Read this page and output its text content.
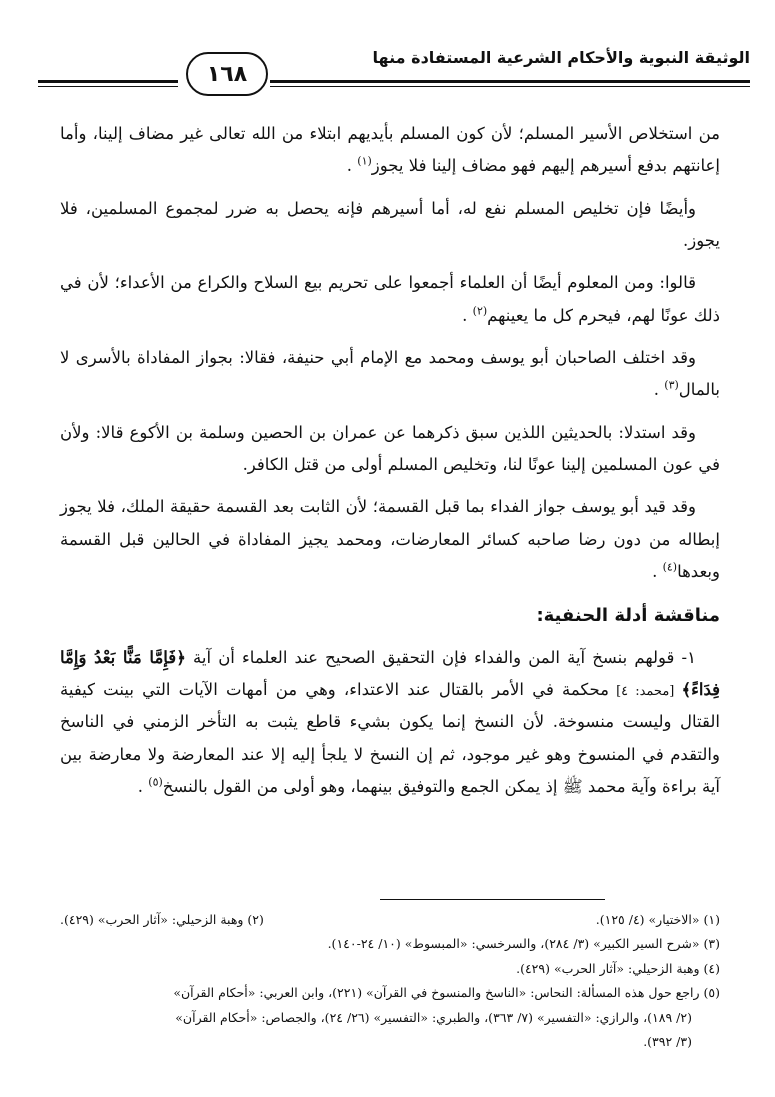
الوثيقة النبوية والأحكام الشرعية المستفادة منها
١٦٨

من استخلاص الأسير المسلم؛ لأن كون المسلم بأيديهم ابتلاء من الله تعالى غير مضاف إلينا، وأما إعانتهم بدفع أسيرهم إليهم فهو مضاف إلينا فلا يجوز$^{(١)}$ .

وأيضًا فإن تخليص المسلم نفع له، أما أسيرهم فإنه يحصل به ضرر لمجموع المسلمين، فلا يجوز.

قالوا: ومن المعلوم أيضًا أن العلماء أجمعوا على تحريم بيع السلاح والكراع من الأعداء؛ لأن في ذلك عونًا لهم، فيحرم كل ما يعينهم$^{(٢)}$ .

وقد اختلف الصاحبان أبو يوسف ومحمد مع الإمام أبي حنيفة، فقالا: بجواز المفاداة بالأسرى لا بالمال$^{(٣)}$ .

وقد استدلا: بالحديثين اللذين سبق ذكرهما عن عمران بن الحصين وسلمة بن الأكوع قالا: ولأن في عون المسلمين إلينا عونًا لنا، وتخليص المسلم أولى من قتل الكافر.

وقد قيد أبو يوسف جواز الفداء بما قبل القسمة؛ لأن الثابت بعد القسمة حقيقة الملك، فلا يجوز إبطاله من دون رضا صاحبه كسائر المعارضات، ومحمد يجيز المفاداة في الحالين قبل القسمة وبعدها$^{(٤)}$ .

مناقشة أدلة الحنفية:

١- قولهم بنسخ آية المن والفداء فإن التحقيق الصحيح عند العلماء أن آية ﴿فَإِمَّا مَنًّا بَعْدُ وَإِمَّا فِدَاءً﴾ [محمد: ٤] محكمة في الأمر بالقتال عند الاعتداء، وهي من أمهات الآيات التي بينت كيفية القتال وليست منسوخة. لأن النسخ إنما يكون بشيء قاطع يثبت به التأخر الزمني في الناسخ والتقدم في المنسوخ وهو غير موجود، ثم إن النسخ لا يلجأ إليه إلا عند المعارضة ولا معارضة بين آية براءة وآية محمد ﷺ إذ يمكن الجمع والتوفيق بينهما، وهو أولى من القول بالنسخ$^{(٥)}$ .

(١) «الاختيار» (٤/ ١٢٥).
(٢) وهبة الزحيلي: «آثار الحرب» (٤٢٩).

(٣) «شرح السير الكبير» (٣/ ٢٨٤)، والسرخسي: «المبسوط» (١٠/ ٢٤-١٤٠).

(٤) وهبة الزحيلي: «آثار الحرب» (٤٢٩).

(٥) راجع حول هذه المسألة: النحاس: «الناسخ والمنسوخ في القرآن» (٢٢١)، وابن العربي: «أحكام القرآن»

(٢/ ١٨٩)، والرازي: «التفسير» (٧/ ٣٦٣)، والطبري: «التفسير» (٢٦/ ٢٤)، والجصاص: «أحكام القرآن»

(٣/ ٣٩٢).
